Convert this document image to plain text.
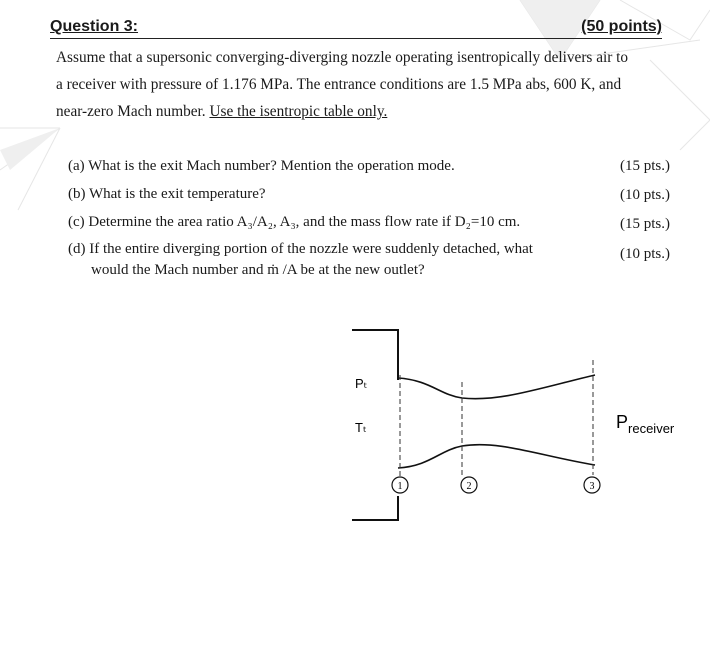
Question 3:	(50 points)

Assume that a supersonic converging-diverging nozzle operating isentropically delivers air to

a receiver with pressure of 1.176 MPa. The entrance conditions are 1.5 MPa abs, 600 K, and

near-zero Mach number. Use the isentropic table only.

(a) What is the exit Mach number? Mention the operation mode.	(15 pts.)
(b) What is the exit temperature?	(10 pts.)
(c) Determine the area ratio A₃/A₂, A₃, and the mass flow rate if D₂=10 cm.	(15 pts.)
(d) If the entire diverging portion of the nozzle were suddenly detached, what
would the Mach number and ṁ /A be at the new outlet?
(10 pts.)
1	2	3
Pₜ
Tₜ	$P_{receiver}$
